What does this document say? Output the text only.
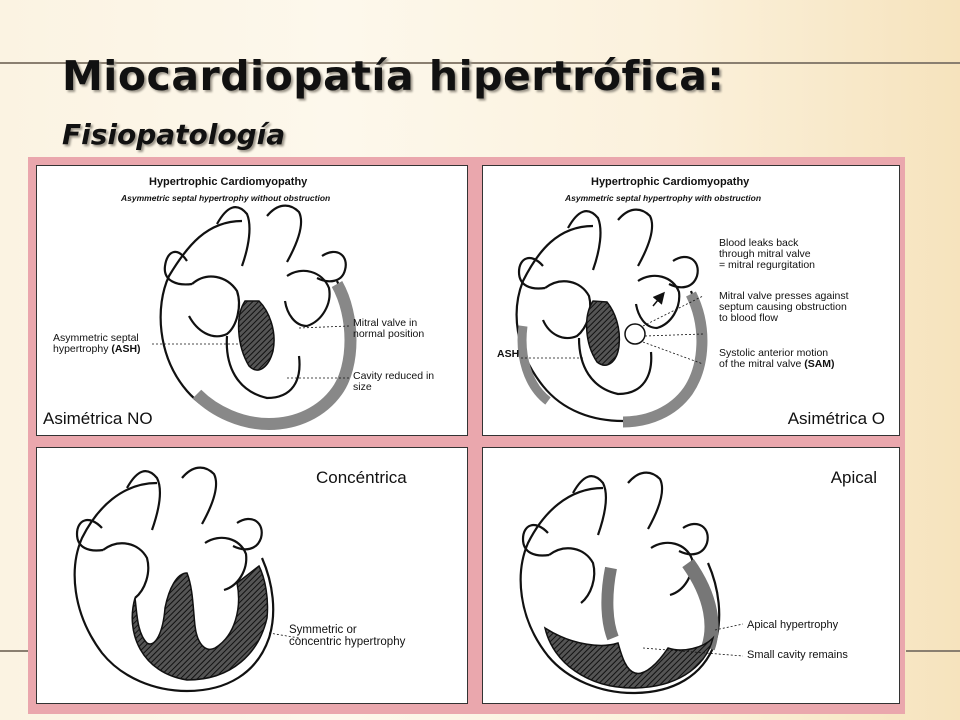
Miocardiopatía hipertrófica:
Fisiopatología
Hypertrophic Cardiomyopathy
Asymmetric septal hypertrophy without obstruction
Asymmetric septal
hypertrophy (ASH)
Mitral valve in
normal position
Cavity reduced in
size
Asimétrica NO
Hypertrophic Cardiomyopathy
Asymmetric septal hypertrophy with obstruction
ASH
Blood leaks back
through mitral valve
= mitral regurgitation
Mitral valve presses against
septum causing obstruction
to blood flow
Systolic anterior motion
of the mitral valve (SAM)
Asimétrica O
Symmetric or
concentric hypertrophy
Concéntrica
Apical hypertrophy
Small cavity remains
Apical
